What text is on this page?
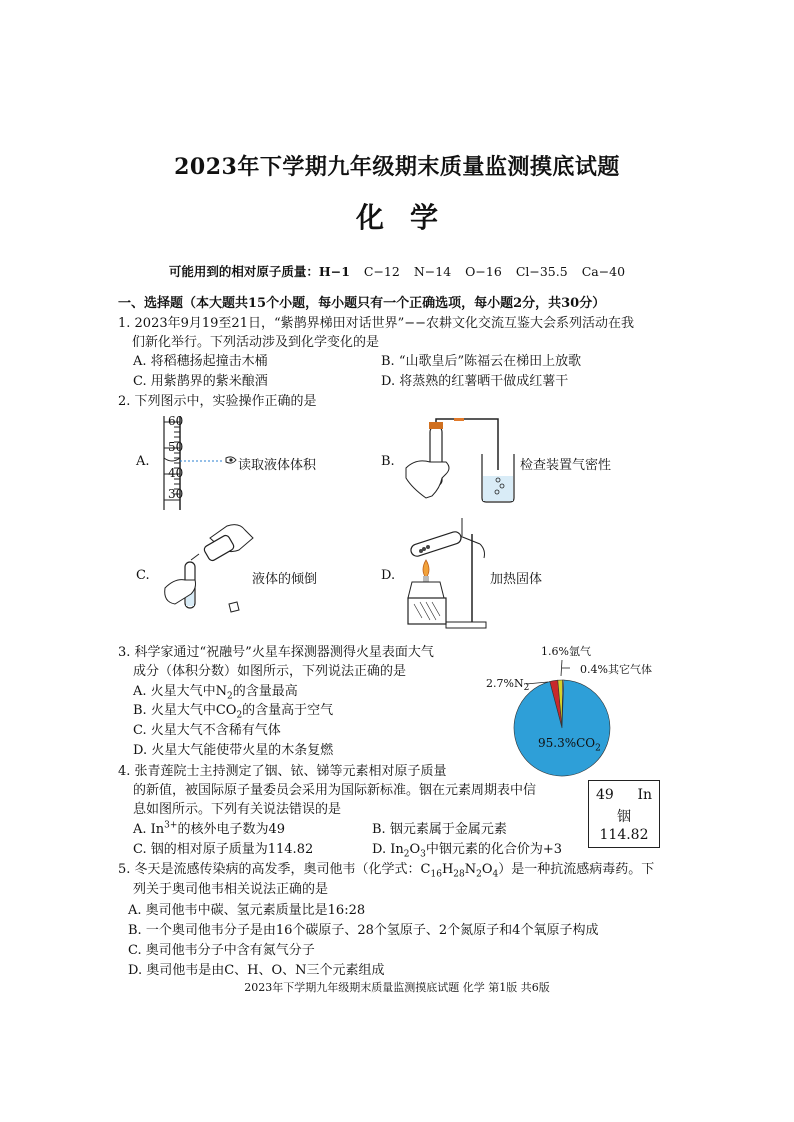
2023年下学期九年级期末质量监测摸底试题
化学
可能用到的相对原子质量：H−1 C−12 N−14 O−16 Cl−35.5 Ca−40
一、选择题（本大题共15个小题，每小题只有一个正确选项，每小题2分，共30分）
1. 2023年9月19至21日，“紫鹊界梯田对话世界”−−农耕文化交流互鉴大会系列活动在我
们新化举行。下列活动涉及到化学变化的是
A. 将稻穗扬起撞击木桶	B. “山歌皇后”陈福云在梯田上放歌
C. 用紫鹊界的紫米酿酒	D. 将蒸熟的红薯晒干做成红薯干
2. 下列图示中，实验操作正确的是
A.
60
50
40
30
读取液体体积	B.	检查装置气密性
C.	液体的倾倒	D.	加热固体
3. 科学家通过“祝融号”火星车探测器测得火星表面大气
成分（体积分数）如图所示，下列说法正确的是
A. 火星大气中$N_2$的含量最高
B. 火星大气中$CO_2$的含量高于空气
C. 火星大气不含稀有气体
D. 火星大气能使带火星的木条复燃
1.6%氩气
0.4%其它气体
$2.7\%N_2$
$95.3\%CO_2$
4. 张青莲院士主持测定了铟、铱、锑等元素相对原子质量
的新值，被国际原子量委员会采用为国际新标准。铟在元素周期表中信
息如图所示。下列有关说法错误的是
A. $In^{3+}$的核外电子数为49	B. 铟元素属于金属元素
C. 铟的相对原子质量为114.82	D. $In_2O_3$中铟元素的化合价为+3
49 In
铟
114.82
5. 冬天是流感传染病的高发季，奥司他韦（化学式：$C_{16}H_{28}N_2O_4$）是一种抗流感病毒药。下
列关于奥司他韦相关说法正确的是
A. 奥司他韦中碳、氢元素质量比是16:28
B. 一个奥司他韦分子是由16个碳原子、28个氢原子、2个氮原子和4个氧原子构成
C. 奥司他韦分子中含有氮气分子
D. 奥司他韦是由C、H、O、N三个元素组成
2023年下学期九年级期末质量监测摸底试题 化学 第1版 共6版
